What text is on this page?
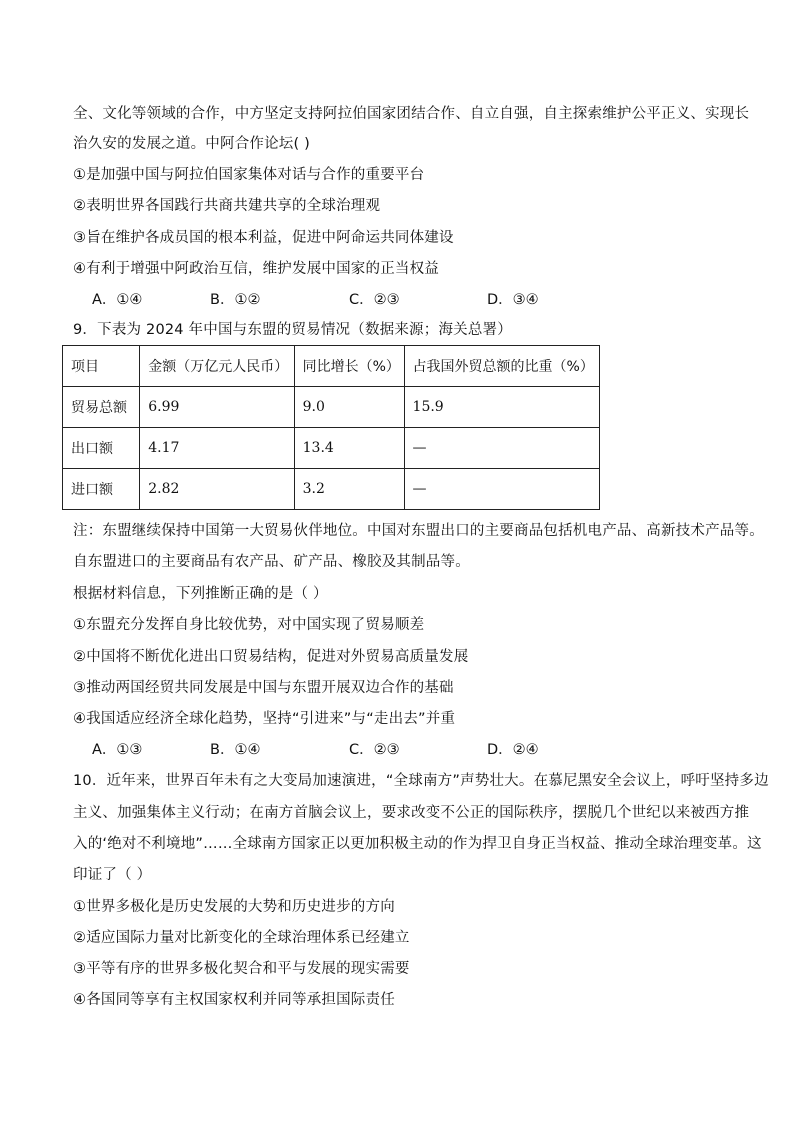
全、文化等领域的合作，中方坚定支持阿拉伯国家团结合作、自立自强，自主探索维护公平正义、实现长
治久安的发展之道。中阿合作论坛( )
①是加强中国与阿拉伯国家集体对话与合作的重要平台
②表明世界各国践行共商共建共享的全球治理观
③旨在维护各成员国的根本利益，促进中阿命运共同体建设
④有利于增强中阿政治互信，维护发展中国家的正当权益
A．①④	B．①②	C．②③	D．③④
9．下表为 2024 年中国与东盟的贸易情况（数据来源；海关总署）
项目	金额（万亿元人民币）	同比增长（%）	占我国外贸总额的比重（%）
贸易总额	6.99	9.0	15.9
出口额	4.17	13.4	—
进口额	2.82	3.2	—
注：东盟继续保持中国第一大贸易伙伴地位。中国对东盟出口的主要商品包括机电产品、高新技术产品等。
自东盟进口的主要商品有农产品、矿产品、橡胶及其制品等。
根据材料信息，下列推断正确的是（ ）
①东盟充分发挥自身比较优势，对中国实现了贸易顺差
②中国将不断优化进出口贸易结构，促进对外贸易高质量发展
③推动两国经贸共同发展是中国与东盟开展双边合作的基础
④我国适应经济全球化趋势，坚持“引进来”与“走出去”并重
A．①③	B．①④	C．②③	D．②④
10．近年来，世界百年未有之大变局加速演进，“全球南方”声势壮大。在慕尼黑安全会议上，呼吁坚持多边
主义、加强集体主义行动；在南方首脑会议上，要求改变不公正的国际秩序，摆脱几个世纪以来被西方推
入的‘绝对不利境地”……全球南方国家正以更加积极主动的作为捍卫自身正当权益、推动全球治理变革。这
印证了（ ）
①世界多极化是历史发展的大势和历史进步的方向
②适应国际力量对比新变化的全球治理体系已经建立
③平等有序的世界多极化契合和平与发展的现实需要
④各国同等享有主权国家权利并同等承担国际责任
